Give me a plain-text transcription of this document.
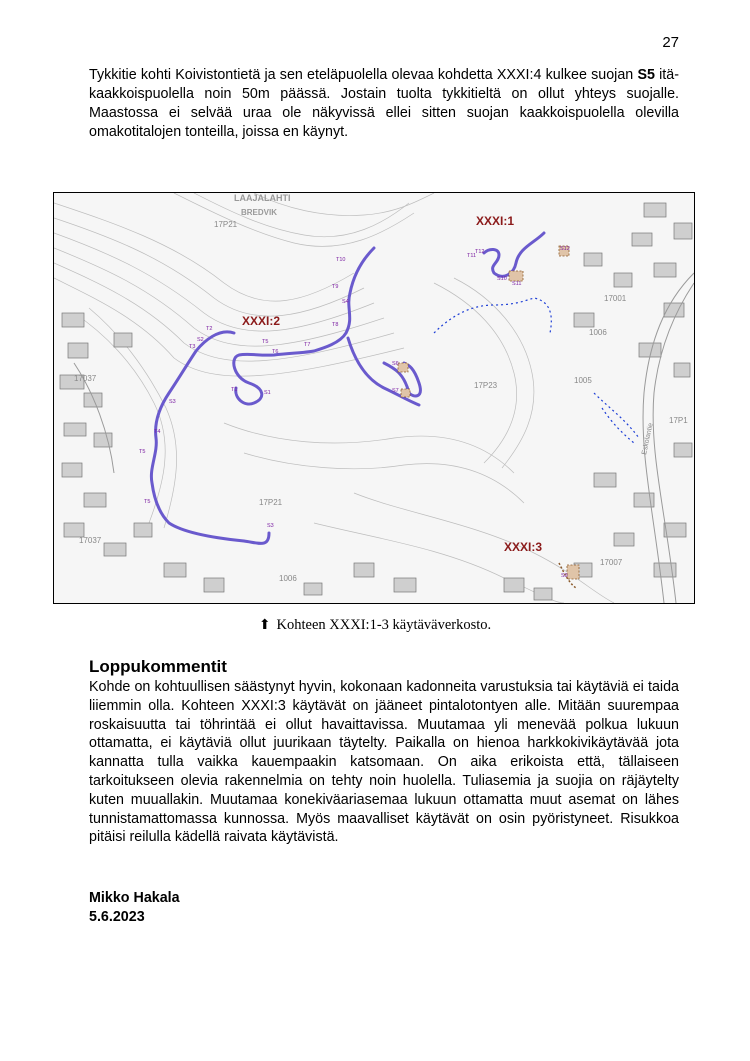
27
Tykkitie kohti Koivistontietä ja sen eteläpuolella olevaa kohdetta XXXI:4 kulkee suojan S5 itä- kaakkoispuolella noin 50m päässä. Jostain tuolta tykkitieltä on ollut yhteys suojalle. Maastossa ei selvää uraa ole näkyvissä ellei sitten suojan kaakkoispuolella olevilla omakotitalojen tonteilla, joissa en käynyt.
LAAJALAHTI
BREDVIK
XXXI:1
XXXI:2
XXXI:3
17P21
17001
1006
17P23
1005
17037
17P21
17037
1006
17007
17P1
Eskolantie
T10
T9
S4
T8
T7
T6
T5
T3
T2
S2
T1	S1
S3
S6
S7
T4
T5
T5
S3
T11
T12
S10
S11
S12
S9
⬆ Kohteen XXXI:1-3 käytäväverkosto.
Loppukommentit
Kohde on kohtuullisen säästynyt hyvin, kokonaan kadonneita varustuksia tai käytäviä ei taida liiemmin olla. Kohteen XXXI:3 käytävät on jääneet pintalotontyen alle. Mitään suurempaa roskaisuutta tai töhrintää ei ollut havaittavissa. Muutamaa yli menevää polkua lukuun ottamatta, ei käytäviä ollut juurikaan täytelty. Paikalla on hienoa harkkokivikäytävää jota kannatta tulla vaikka kauempaakin katsomaan. On aika erikoista että, tällaiseen tarkoitukseen olevia rakennelmia on tehty noin huolella. Tuliasemia ja suojia on räjäytelty kuten muuallakin. Muutamaa konekiväariasemaa lukuun ottamatta muut asemat on lähes tunnistamattomassa kunnossa. Myös maavalliset käytävät on osin pyöristyneet. Risukkoa pitäisi reilulla kädellä raivata käytävistä.
Mikko Hakala
5.6.2023
